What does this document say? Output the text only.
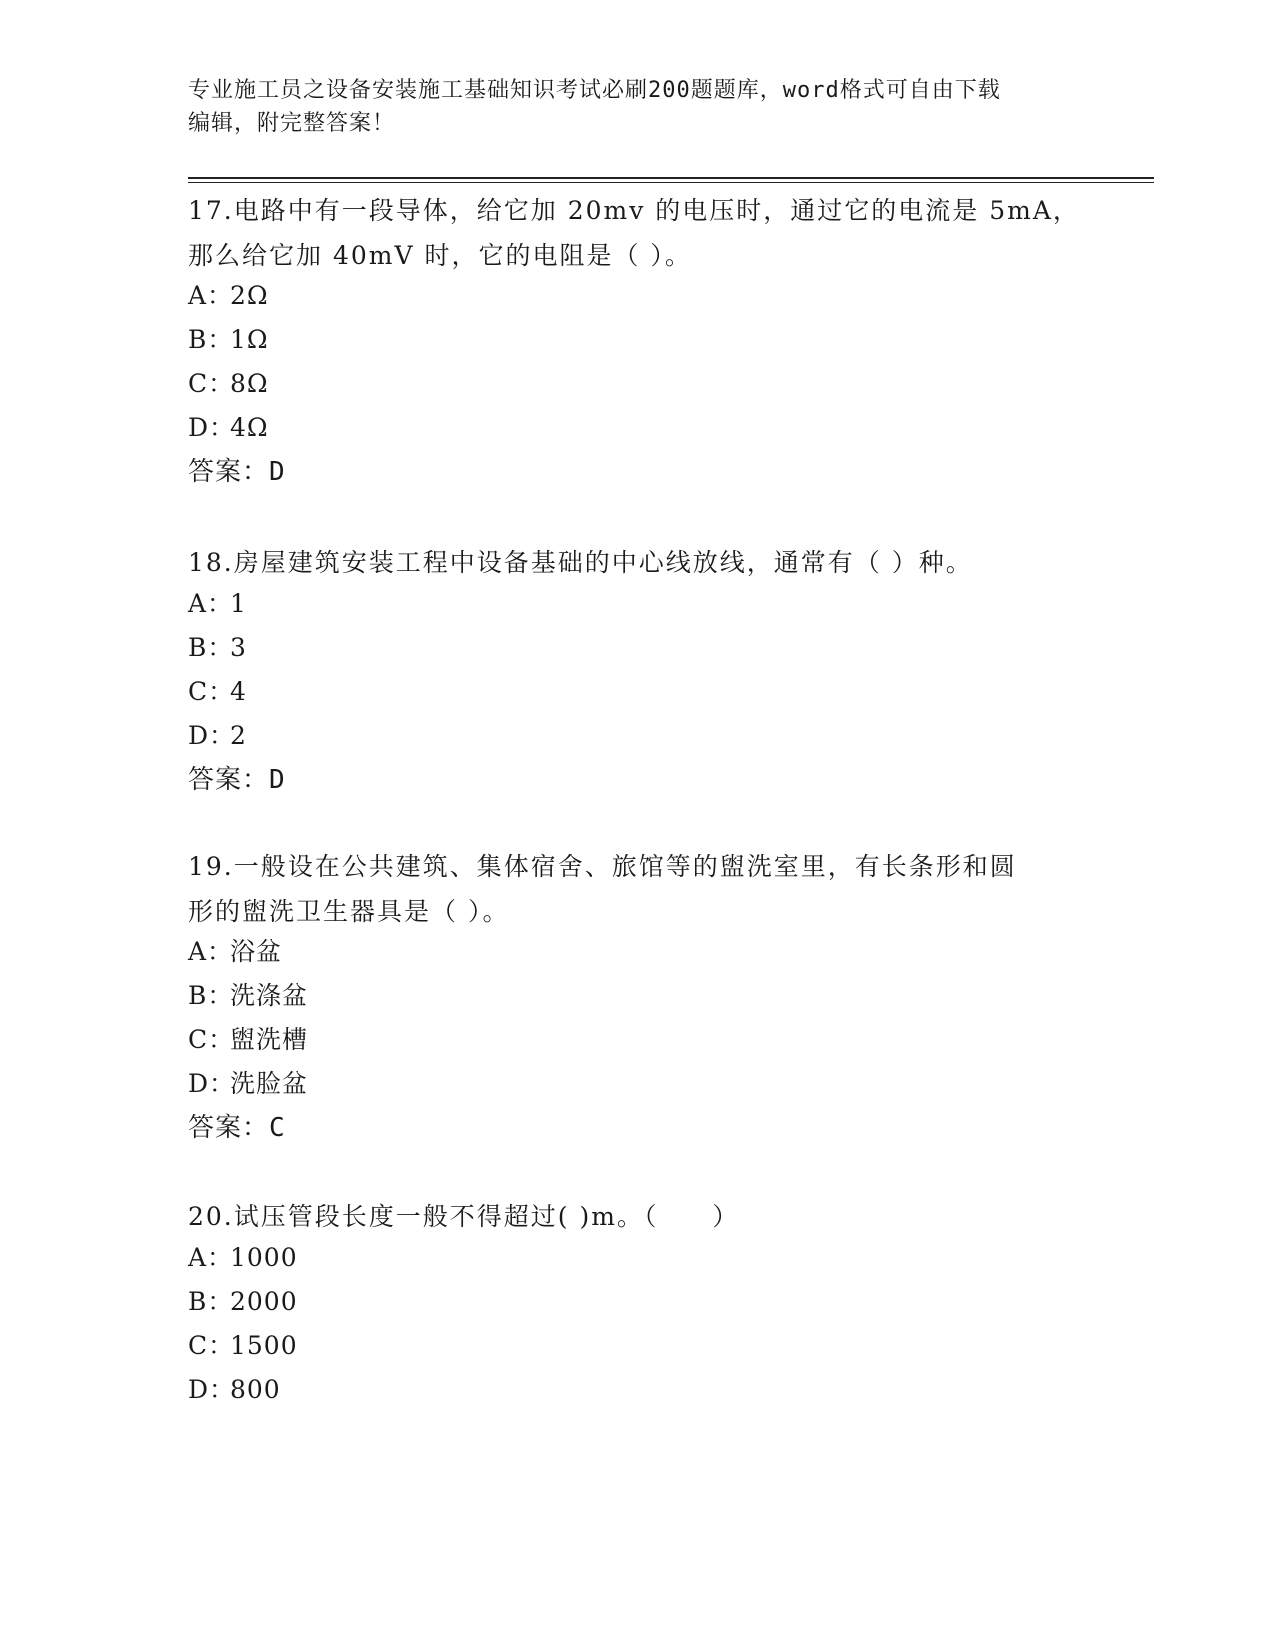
专业施工员之设备安装施工基础知识考试必刷200题题库，word格式可自由下载
编辑，附完整答案！
17.电路中有一段导体，给它加 20mv 的电压时，通过它的电流是 5mA，
那么给它加 40mV 时，它的电阻是（ ）。
A：2Ω
B：1Ω
C：8Ω
D：4Ω
答案：D
18.房屋建筑安装工程中设备基础的中心线放线，通常有（ ）种。
A：1
B：3
C：4
D：2
答案：D
19.一般设在公共建筑、集体宿舍、旅馆等的盥洗室里，有长条形和圆
形的盥洗卫生器具是（ ）。
A：浴盆
B：洗涤盆
C：盥洗槽
D：洗脸盆
答案：C
20.试压管段长度一般不得超过( )m。（　　）
A：1000
B：2000
C：1500
D：800
